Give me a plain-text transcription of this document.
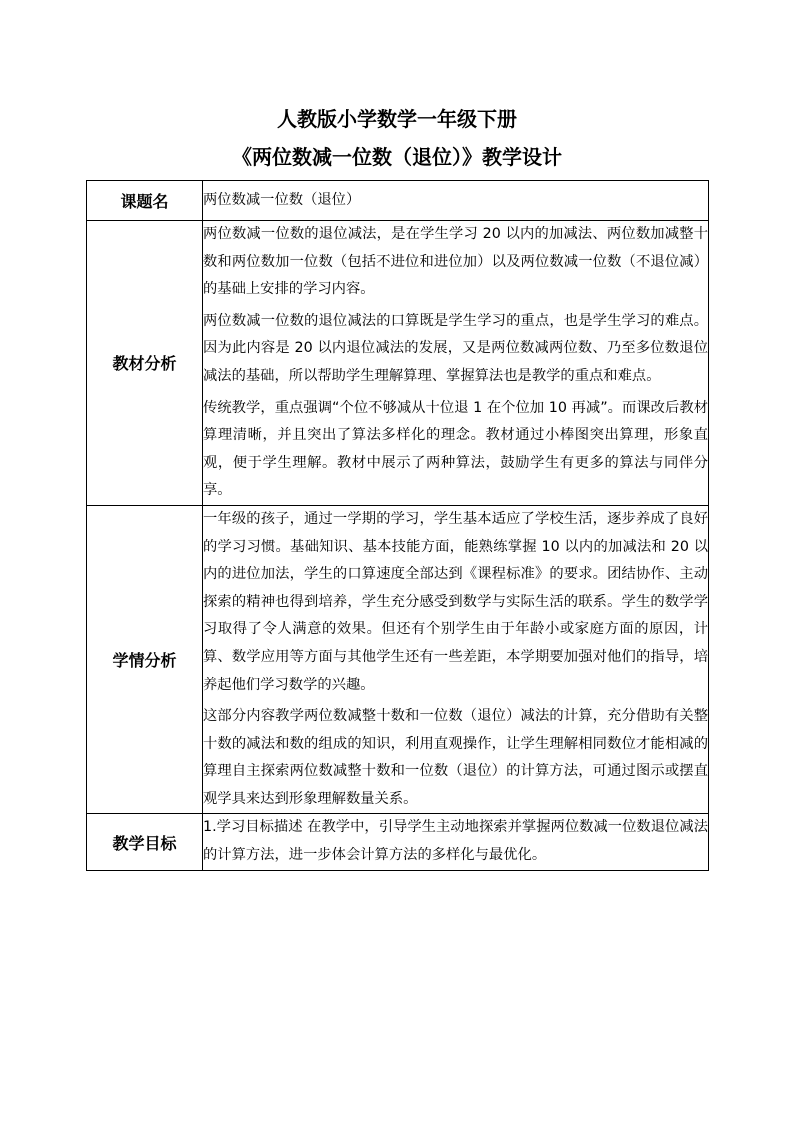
人教版小学数学一年级下册
《两位数减一位数（退位）》教学设计
课题名	两位数减一位数（退位）

教材分析	两位数减一位数的退位减法，是在学生学习 20 以内的加减法、两位数加减整十数和两位数加一位数（包括不进位和进位加）以及两位数减一位数（不退位减）的基础上安排的学习内容。

两位数减一位数的退位减法的口算既是学生学习的重点，也是学生学习的难点。因为此内容是 20 以内退位减法的发展，又是两位数减两位数、乃至多位数退位减法的基础，所以帮助学生理解算理、掌握算法也是教学的重点和难点。

传统教学，重点强调“个位不够减从十位退 1 在个位加 10 再减”。而课改后教材算理清晰，并且突出了算法多样化的理念。教材通过小棒图突出算理，形象直观，便于学生理解。教材中展示了两种算法，鼓励学生有更多的算法与同伴分享。

学情分析	一年级的孩子，通过一学期的学习，学生基本适应了学校生活，逐步养成了良好的学习习惯。基础知识、基本技能方面，能熟练掌握 10 以内的加减法和 20 以内的进位加法，学生的口算速度全部达到《课程标准》的要求。团结协作、主动探索的精神也得到培养，学生充分感受到数学与实际生活的联系。学生的数学学习取得了令人满意的效果。但还有个别学生由于年龄小或家庭方面的原因，计算、数学应用等方面与其他学生还有一些差距，本学期要加强对他们的指导，培养起他们学习数学的兴趣。

这部分内容教学两位数减整十数和一位数（退位）减法的计算，充分借助有关整十数的减法和数的组成的知识，利用直观操作，让学生理解相同数位才能相减的算理自主探索两位数减整十数和一位数（退位）的计算方法，可通过图示或摆直观学具来达到形象理解数量关系。

教学目标	1.学习目标描述 在教学中，引导学生主动地探索并掌握两位数减一位数退位减法的计算方法，进一步体会计算方法的多样化与最优化。
